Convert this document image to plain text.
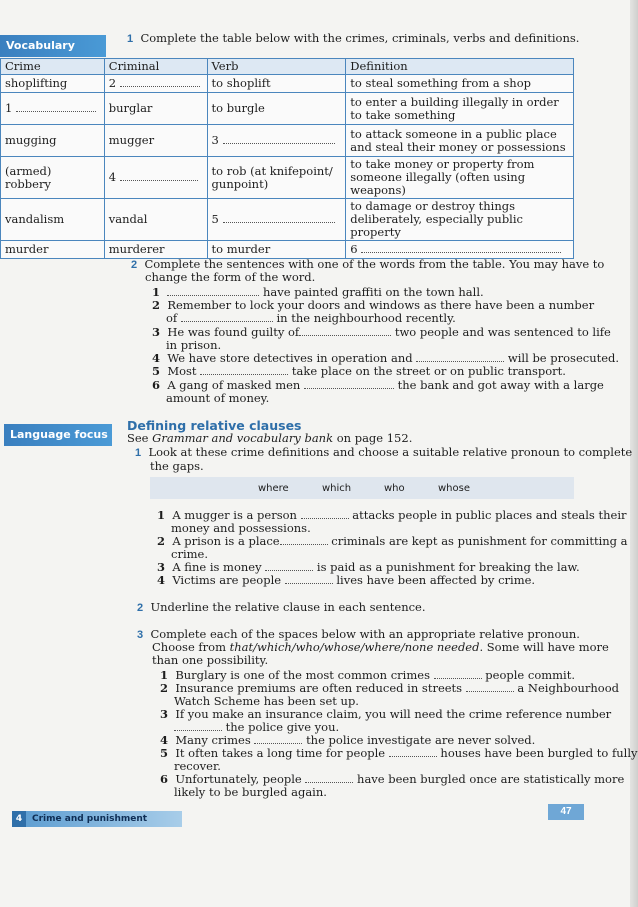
Vocabulary	1 Complete the table below with the crimes, criminals, verbs and definitions.
Crime	Criminal	Verb	Definition
shoplifting	2	to shoplift	to steal something from a shop
1	burglar	to burgle	to enter a building illegally in order to take something
mugging	mugger	3	to attack someone in a public place and steal their money or possessions
(armed) robbery	4	to rob (at knifepoint/ gunpoint)	to take money or property from someone illegally (often using weapons)
vandalism	vandal	5	to damage or destroy things deliberately, especially public property
murder	murderer	to murder	6
2 Complete the sentences with one of the words from the table. You may have to
change the form of the word.
1	have painted graffiti on the town hall.
2 Remember to lock your doors and windows as there have been a number
of	in the neighbourhood recently.
3 He was found guilty of	two people and was sentenced to life
in prison.
4 We have store detectives in operation and	will be prosecuted.
5 Most	take place on the street or on public transport.
6 A gang of masked men	the bank and got away with a large
amount of money.
Language focus
Defining relative clauses
See Grammar and vocabulary bank on page 152.
1 Look at these crime definitions and choose a suitable relative pronoun to complete
the gaps.
where	which	who	whose
1 A mugger is a person	attacks people in public places and steals their
money and possessions.
2 A prison is a place	criminals are kept as punishment for committing a
crime.
3 A fine is money	is paid as a punishment for breaking the law.
4 Victims are people	lives have been affected by crime.
2 Underline the relative clause in each sentence.
3 Complete each of the spaces below with an appropriate relative pronoun.
Choose from that/which/who/whose/where/none needed. Some will have more
than one possibility.
1 Burglary is one of the most common crimes	people commit.
2 Insurance premiums are often reduced in streets	a Neighbourhood
Watch Scheme has been set up.
3 If you make an insurance claim, you will need the crime reference number
the police give you.
4 Many crimes	the police investigate are never solved.
5 It often takes a long time for people	houses have been burgled to fully
recover.
6 Unfortunately, people	have been burgled once are statistically more
likely to be burgled again.
4 Crime and punishment
47
